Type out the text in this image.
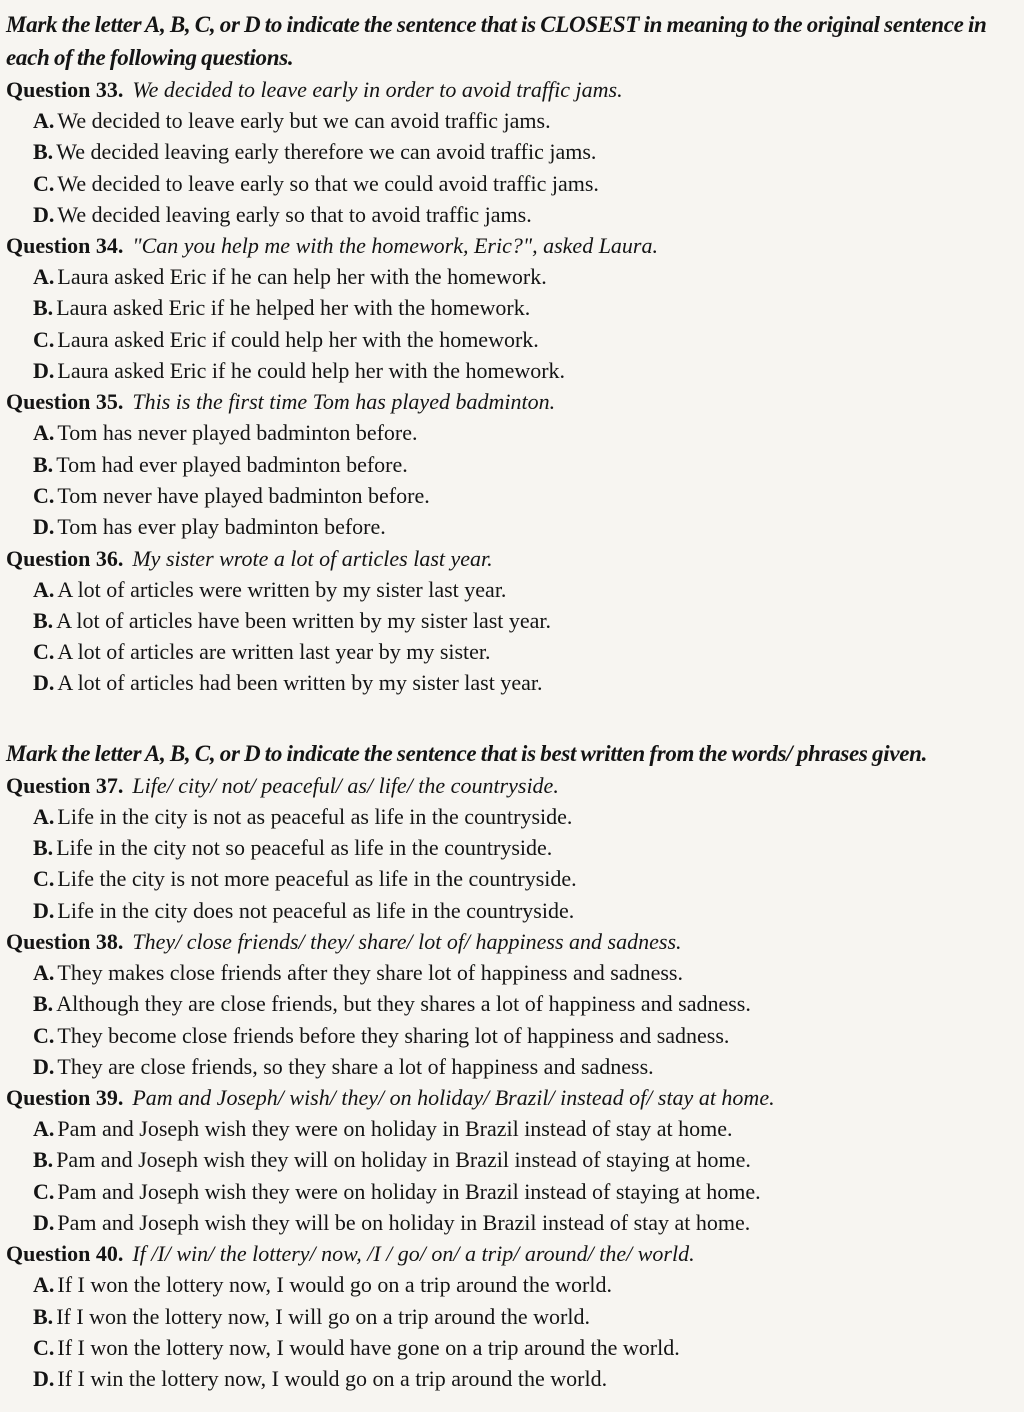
Mark the letter A, B, C, or D to indicate the sentence that is CLOSEST in meaning to the original sentence in each of the following questions.
Question 33. We decided to leave early in order to avoid traffic jams.
A. We decided to leave early but we can avoid traffic jams.
B. We decided leaving early therefore we can avoid traffic jams.
C. We decided to leave early so that we could avoid traffic jams.
D. We decided leaving early so that to avoid traffic jams.
Question 34. "Can you help me with the homework, Eric?", asked Laura.
A. Laura asked Eric if he can help her with the homework.
B. Laura asked Eric if he helped her with the homework.
C. Laura asked Eric if could help her with the homework.
D. Laura asked Eric if he could help her with the homework.
Question 35. This is the first time Tom has played badminton.
A. Tom has never played badminton before.
B. Tom had ever played badminton before.
C. Tom never have played badminton before.
D. Tom has ever play badminton before.
Question 36. My sister wrote a lot of articles last year.
A. A lot of articles were written by my sister last year.
B. A lot of articles have been written by my sister last year.
C. A lot of articles are written last year by my sister.
D. A lot of articles had been written by my sister last year.
Mark the letter A, B, C, or D to indicate the sentence that is best written from the words/ phrases given.
Question 37. Life/ city/ not/ peaceful/ as/ life/ the countryside.
A. Life in the city is not as peaceful as life in the countryside.
B. Life in the city not so peaceful as life in the countryside.
C. Life the city is not more peaceful as life in the countryside.
D. Life in the city does not peaceful as life in the countryside.
Question 38. They/ close friends/ they/ share/ lot of/ happiness and sadness.
A. They makes close friends after they share lot of happiness and sadness.
B. Although they are close friends, but they shares a lot of happiness and sadness.
C. They become close friends before they sharing lot of happiness and sadness.
D. They are close friends, so they share a lot of happiness and sadness.
Question 39. Pam and Joseph/ wish/ they/ on holiday/ Brazil/ instead of/ stay at home.
A. Pam and Joseph wish they were on holiday in Brazil instead of stay at home.
B. Pam and Joseph wish they will on holiday in Brazil instead of staying at home.
C. Pam and Joseph wish they were on holiday in Brazil instead of staying at home.
D. Pam and Joseph wish they will be on holiday in Brazil instead of stay at home.
Question 40. If /I/ win/ the lottery/ now, /I / go/ on/ a trip/ around/ the/ world.
A. If I won the lottery now, I would go on a trip around the world.
B. If I won the lottery now, I will go on a trip around the world.
C. If I won the lottery now, I would have gone on a trip around the world.
D. If I win the lottery now, I would go on a trip around the world.
